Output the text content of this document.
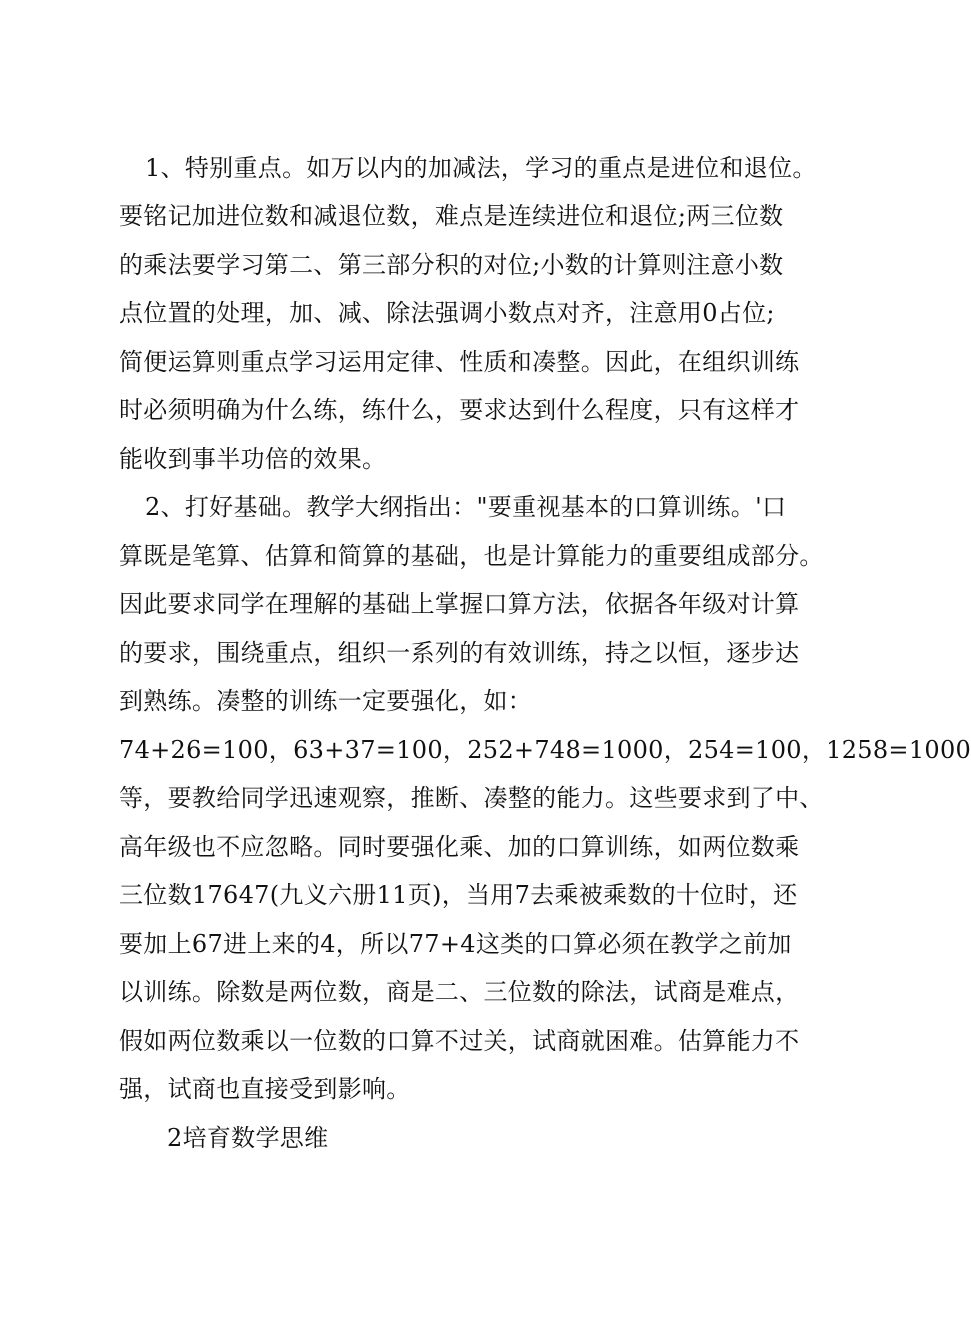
1、特别重点。如万以内的加减法，学习的重点是进位和退位。
要铭记加进位数和减退位数，难点是连续进位和退位;两三位数
的乘法要学习第二、第三部分积的对位;小数的计算则注意小数
点位置的处理，加、减、除法强调小数点对齐，注意用0占位;
简便运算则重点学习运用定律、性质和凑整。因此，在组织训练
时必须明确为什么练，练什么，要求达到什么程度，只有这样才
能收到事半功倍的效果。
2、打好基础。教学大纲指出："要重视基本的口算训练。'口
算既是笔算、估算和简算的基础，也是计算能力的重要组成部分。
因此要求同学在理解的基础上掌握口算方法，依据各年级对计算
的要求，围绕重点，组织一系列的有效训练，持之以恒，逐步达
到熟练。凑整的训练一定要强化，如：
74+26=100，63+37=100，252+748=1000，254=100，1258=1000
等，要教给同学迅速观察，推断、凑整的能力。这些要求到了中、
高年级也不应忽略。同时要强化乘、加的口算训练，如两位数乘
三位数17647(九义六册11页)，当用7去乘被乘数的十位时，还
要加上67进上来的4，所以77+4这类的口算必须在教学之前加
以训练。除数是两位数，商是二、三位数的除法，试商是难点，
假如两位数乘以一位数的口算不过关，试商就困难。估算能力不
强，试商也直接受到影响。
2培育数学思维
